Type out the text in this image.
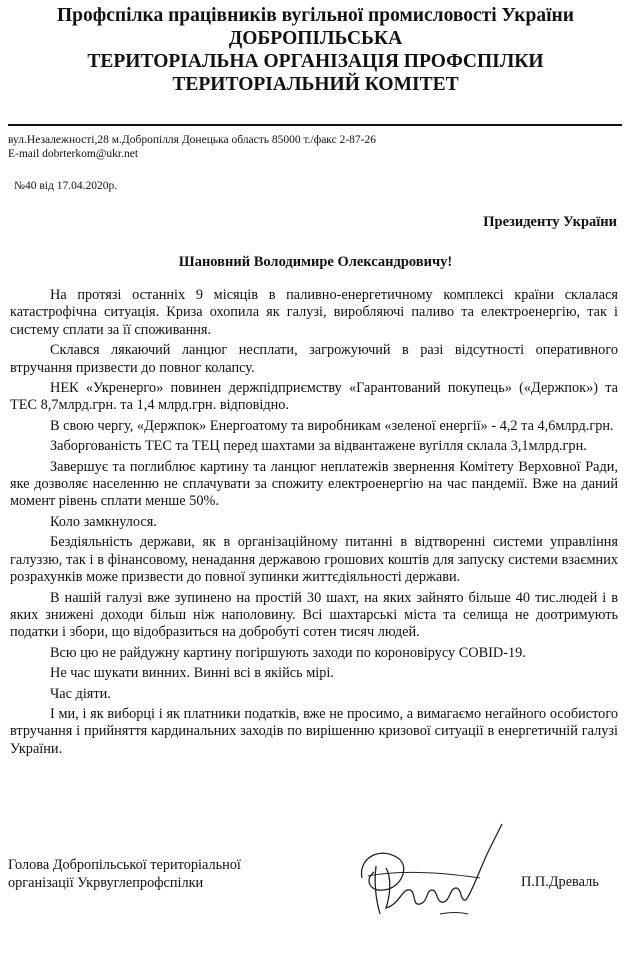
Профспілка працівників вугільної промисловості України
ДОБРОПІЛЬСЬКА
ТЕРИТОРІАЛЬНА ОРГАНІЗАЦІЯ ПРОФСПІЛКИ
ТЕРИТОРІАЛЬНИЙ КОМІТЕТ
вул.Незалежності,28 м.Добропілля Донецька область 85000 т./факс 2-87-26
E-mail dobrterkom@ukr.net
№40 від 17.04.2020р.
Президенту України
Шановний Володимире Олександровичу!

На протязі останніх 9 місяців в паливно-енергетичному комплексі країни склалася катастрофічна ситуація. Криза охопила як галузі, виробляючі паливо та електроенергію, так і систему сплати за її споживання.

Склався лякаючий ланцюг несплати, загрожуючий в разі відсутності оперативного втручання призвести до повног колапсу.

НЕК «Укренерго» повинен держпідприємству «Гарантований покупець» («Держпок») та ТЕС 8,7млрд.грн. та 1,4 млрд.грн. відповідно.

В свою чергу, «Держпок» Енергоатому та виробникам «зеленої енергії» - 4,2 та 4,6млрд.грн.

Заборгованість ТЕС та ТЕЦ перед шахтами за відвантажене вугілля склала 3,1млрд.грн.

Завершує та поглиблює картину та ланцюг неплатежів звернення Комітету Верховної Ради, яке дозволяє населенню не сплачувати за спожиту електроенергію на час пандемії. Вже на даний момент рівень сплати менше 50%.

Коло замкнулося.

Бездіяльність держави, як в організаційному питанні в відтворенні системи управління галуззю, так і в фінансовому, ненадання державою грошових коштів для запуску системи взаємних розрахунків може призвести до повної зупинки життєдіяльності держави.

В нашій галузі вже зупинено на простій 30 шахт, на яких зайнято більше 40 тис.людей і в яких знижені доходи більш ніж наполовину. Всі шахтарські міста та селища не доотримують податки і збори, що відобразиться на добробуті сотен тисяч людей.

Всю цю не райдужну картину погіршують заходи по короновірусу COBID-19.

Не час шукати винних. Винні всі в якійсь мірі.

Час діяти.

І ми, і як виборці і як платники податків, вже не просимо, а вимагаємо негайного особистого втручання і прийняття кардинальних заходів по вирішенню кризової ситуації в енергетичній галузі України.

Голова Добропільської територіальної
організації Укрвуглепрофспілки	П.П.Древаль
